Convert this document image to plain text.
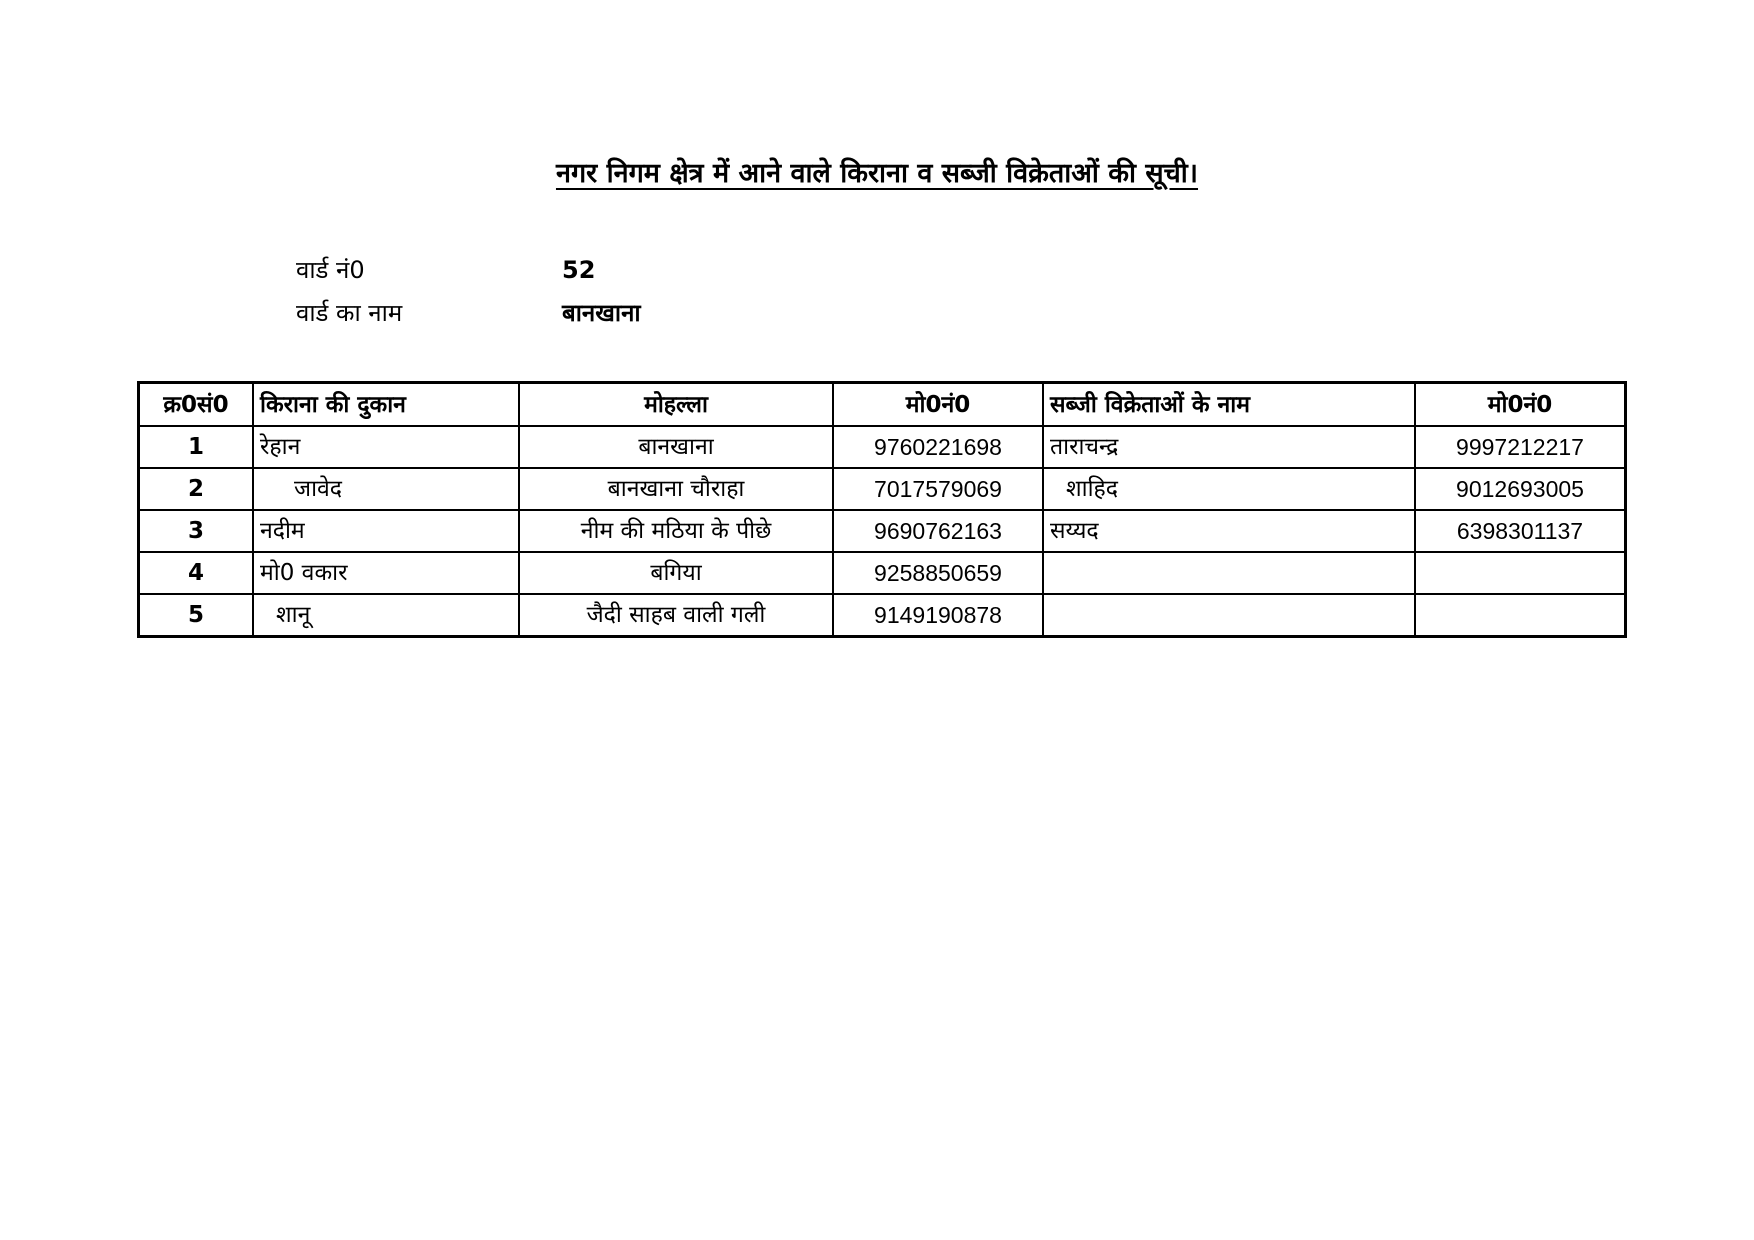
नगर निगम क्षेत्र में आने वाले किराना व सब्जी विक्रेताओं की सूची।
वार्ड नं0	52
वार्ड का नाम	बानखाना
क्र0सं0	किराना की दुकान	मोहल्ला	मो0नं0	सब्जी विक्रेताओं के नाम	मो0नं0
1	रेहान	बानखाना	9760221698	ताराचन्द्र	9997212217
2	जावेद	बानखाना चौराहा	7017579069	शाहिद	9012693005
3	नदीम	नीम की मठिया के पीछे	9690762163	सय्यद	6398301137
4	मो0 वकार	बगिया	9258850659		
5	शानू	जैदी साहब वाली गली	9149190878		
